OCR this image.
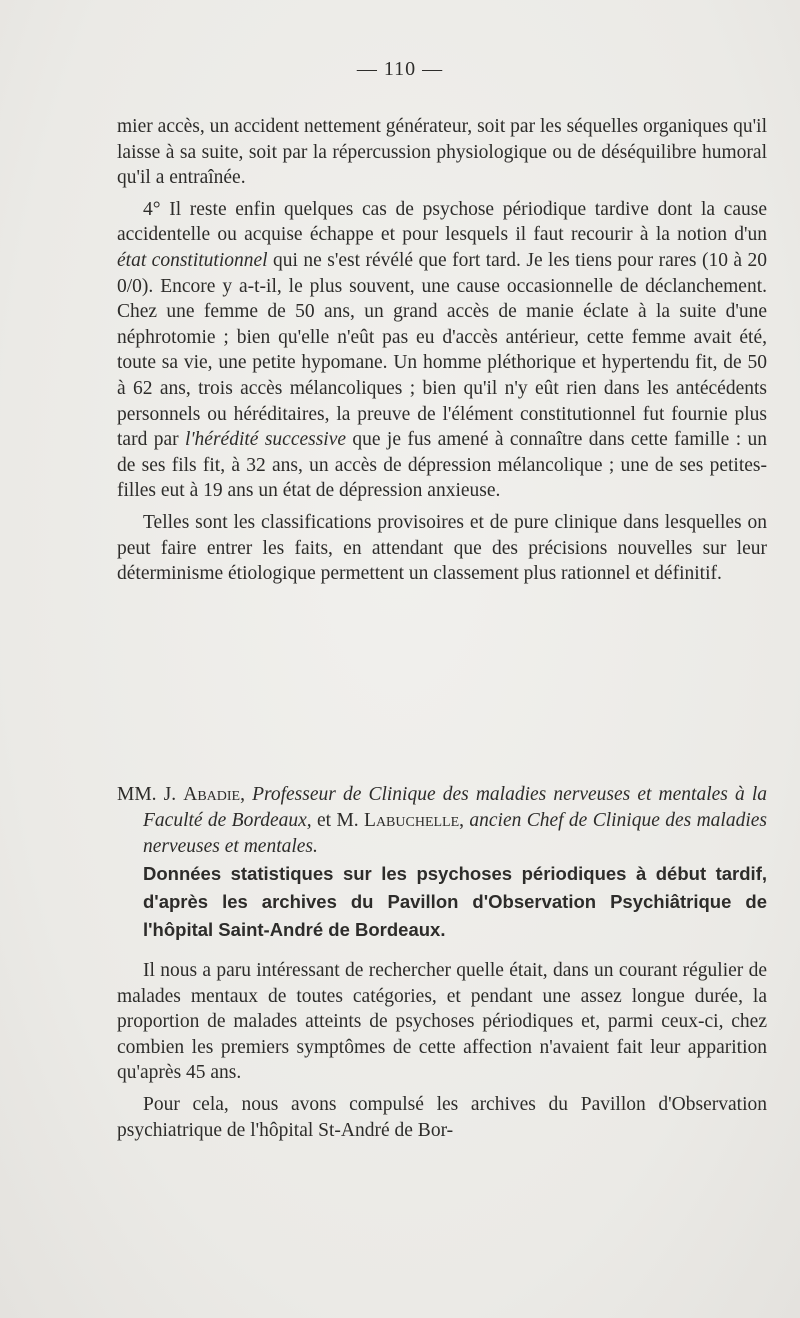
— 110 —

mier accès, un accident nettement générateur, soit par les séquelles organiques qu'il laisse à sa suite, soit par la répercussion physiologique ou de déséquilibre humoral qu'il a entraînée.

4° Il reste enfin quelques cas de psychose périodique tardive dont la cause accidentelle ou acquise échappe et pour lesquels il faut recourir à la notion d'un état constitutionnel qui ne s'est révélé que fort tard. Je les tiens pour rares (10 à 20 0/0). Encore y a-t-il, le plus souvent, une cause occasionnelle de déclanchement. Chez une femme de 50 ans, un grand accès de manie éclate à la suite d'une néphrotomie ; bien qu'elle n'eût pas eu d'accès antérieur, cette femme avait été, toute sa vie, une petite hypomane. Un homme pléthorique et hypertendu fit, de 50 à 62 ans, trois accès mélancoliques ; bien qu'il n'y eût rien dans les antécédents personnels ou héréditaires, la preuve de l'élément constitutionnel fut fournie plus tard par l'hérédité successive que je fus amené à connaître dans cette famille : un de ses fils fit, à 32 ans, un accès de dépression mélancolique ; une de ses petites-filles eut à 19 ans un état de dépression anxieuse.

Telles sont les classifications provisoires et de pure clinique dans lesquelles on peut faire entrer les faits, en attendant que des précisions nouvelles sur leur déterminisme étiologique permettent un classement plus rationnel et définitif.

MM. J. Abadie, Professeur de Clinique des maladies nerveuses et mentales à la Faculté de Bordeaux, et M. Labuchelle, ancien Chef de Clinique des maladies nerveuses et mentales.
Données statistiques sur les psychoses périodiques à début tardif, d'après les archives du Pavillon d'Observation Psychiâtrique de l'hôpital Saint-André de Bordeaux.

Il nous a paru intéressant de rechercher quelle était, dans un courant régulier de malades mentaux de toutes catégories, et pendant une assez longue durée, la proportion de malades atteints de psychoses périodiques et, parmi ceux-ci, chez combien les premiers symptômes de cette affection n'avaient fait leur apparition qu'après 45 ans.

Pour cela, nous avons compulsé les archives du Pavillon d'Observation psychiatrique de l'hôpital St-André de Bor-
